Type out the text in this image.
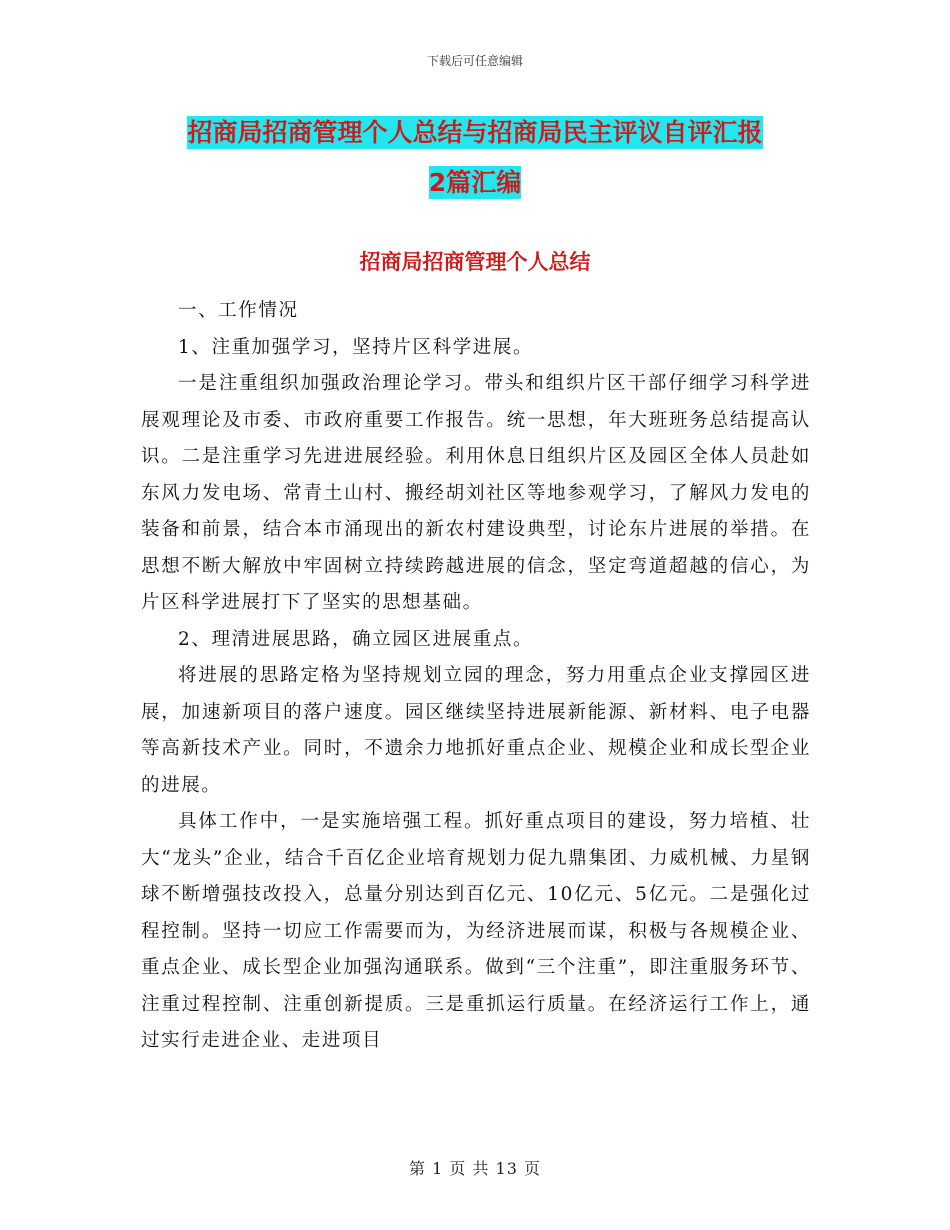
下载后可任意编辑
招商局招商管理个人总结与招商局民主评议自评汇报
2篇汇编
招商局招商管理个人总结

一、工作情况

1、注重加强学习，坚持片区科学进展。

一是注重组织加强政治理论学习。带头和组织片区干部仔细学习科学进展观理论及市委、市政府重要工作报告。统一思想，年大班班务总结提高认识。二是注重学习先进进展经验。利用休息日组织片区及园区全体人员赴如东风力发电场、常青土山村、搬经胡刘社区等地参观学习，了解风力发电的装备和前景，结合本市涌现出的新农村建设典型，讨论东片进展的举措。在思想不断大解放中牢固树立持续跨越进展的信念，坚定弯道超越的信心，为片区科学进展打下了坚实的思想基础。

2、理清进展思路，确立园区进展重点。

将进展的思路定格为坚持规划立园的理念，努力用重点企业支撑园区进展，加速新项目的落户速度。园区继续坚持进展新能源、新材料、电子电器等高新技术产业。同时，不遗余力地抓好重点企业、规模企业和成长型企业的进展。

具体工作中，一是实施培强工程。抓好重点项目的建设，努力培植、壮大“龙头”企业，结合千百亿企业培育规划力促九鼎集团、力威机械、力星钢球不断增强技改投入，总量分别达到百亿元、10亿元、5亿元。二是强化过程控制。坚持一切应工作需要而为，为经济进展而谋，积极与各规模企业、重点企业、成长型企业加强沟通联系。做到“三个注重”，即注重服务环节、注重过程控制、注重创新提质。三是重抓运行质量。在经济运行工作上，通过实行走进企业、走进项目

第 1 页 共 13 页
